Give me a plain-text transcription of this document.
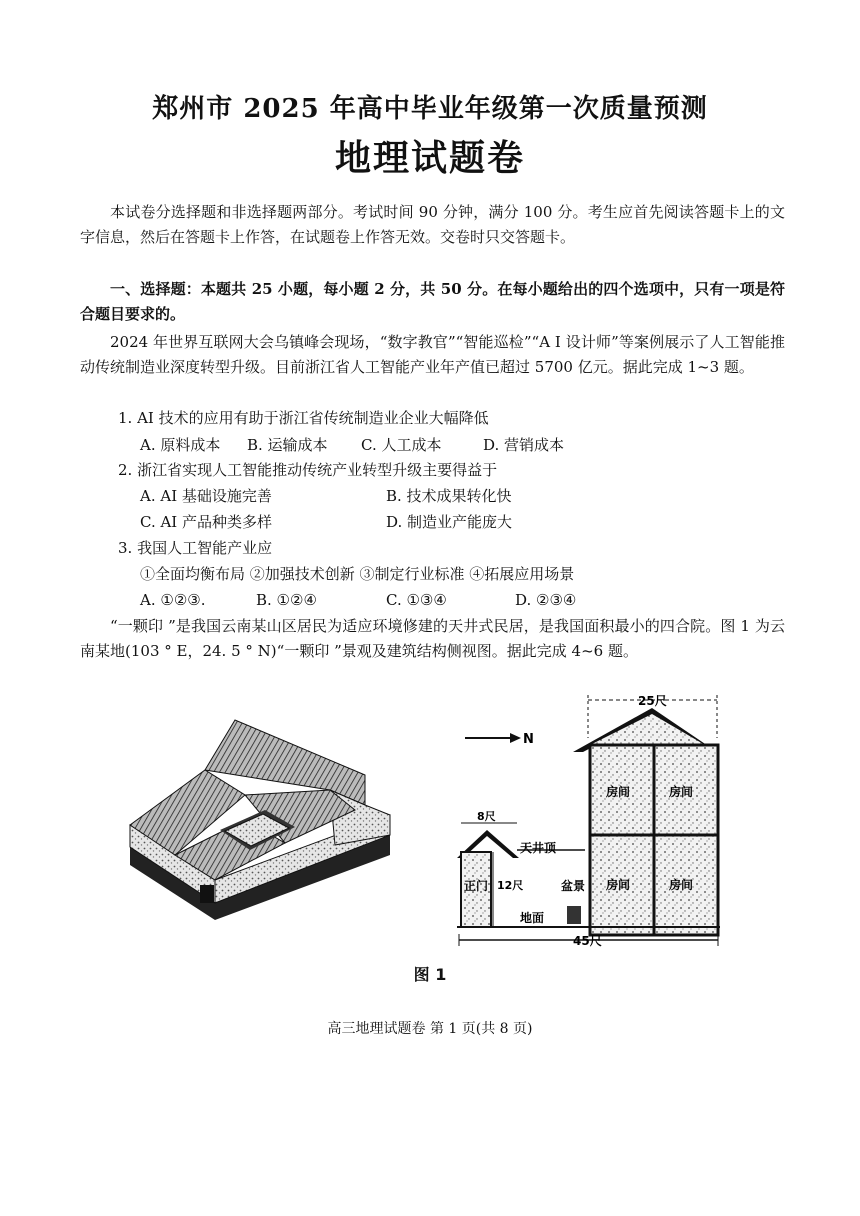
郑州市 2025 年高中毕业年级第一次质量预测
地理试题卷
本试卷分选择题和非选择题两部分。考试时间 90 分钟，满分 100 分。考生应首先阅读答题卡上的文字信息，然后在答题卡上作答，在试题卷上作答无效。交卷时只交答题卡。
一、选择题：本题共 25 小题，每小题 2 分，共 50 分。在每小题给出的四个选项中，只有一项是符合题目要求的。
2024 年世界互联网大会乌镇峰会现场，“数字教官”“智能巡检”“A I 设计师”等案例展示了人工智能推动传统制造业深度转型升级。目前浙江省人工智能产业年产值已超过 5700 亿元。据此完成 1~3 题。
1. AI 技术的应用有助于浙江省传统制造业企业大幅降低
A. 原料成本 B. 运输成本 C. 人工成本	D. 营销成本
2. 浙江省实现人工智能推动传统产业转型升级主要得益于
A. AI 基础设施完善	B. 技术成果转化快
C. AI 产品种类多样	D. 制造业产能庞大
3. 我国人工智能产业应
①全面均衡布局 ②加强技术创新 ③制定行业标准 ④拓展应用场景
A. ①②③.	B. ①②④	C. ①③④	D. ②③④
“一颗印 ”是我国云南某山区居民为适应环境修建的天井式民居，是我国面积最小的四合院。图 1 为云南某地(103 ° E，24. 5 ° N)“一颗印 ”景观及建筑结构侧视图。据此完成 4~6 题。
N
25尺
房间	房间
房间	房间
8尺
正门 12尺
天井顶
地面
盆景
45尺
图 1
高三地理试题卷 第 1 页(共 8 页)
